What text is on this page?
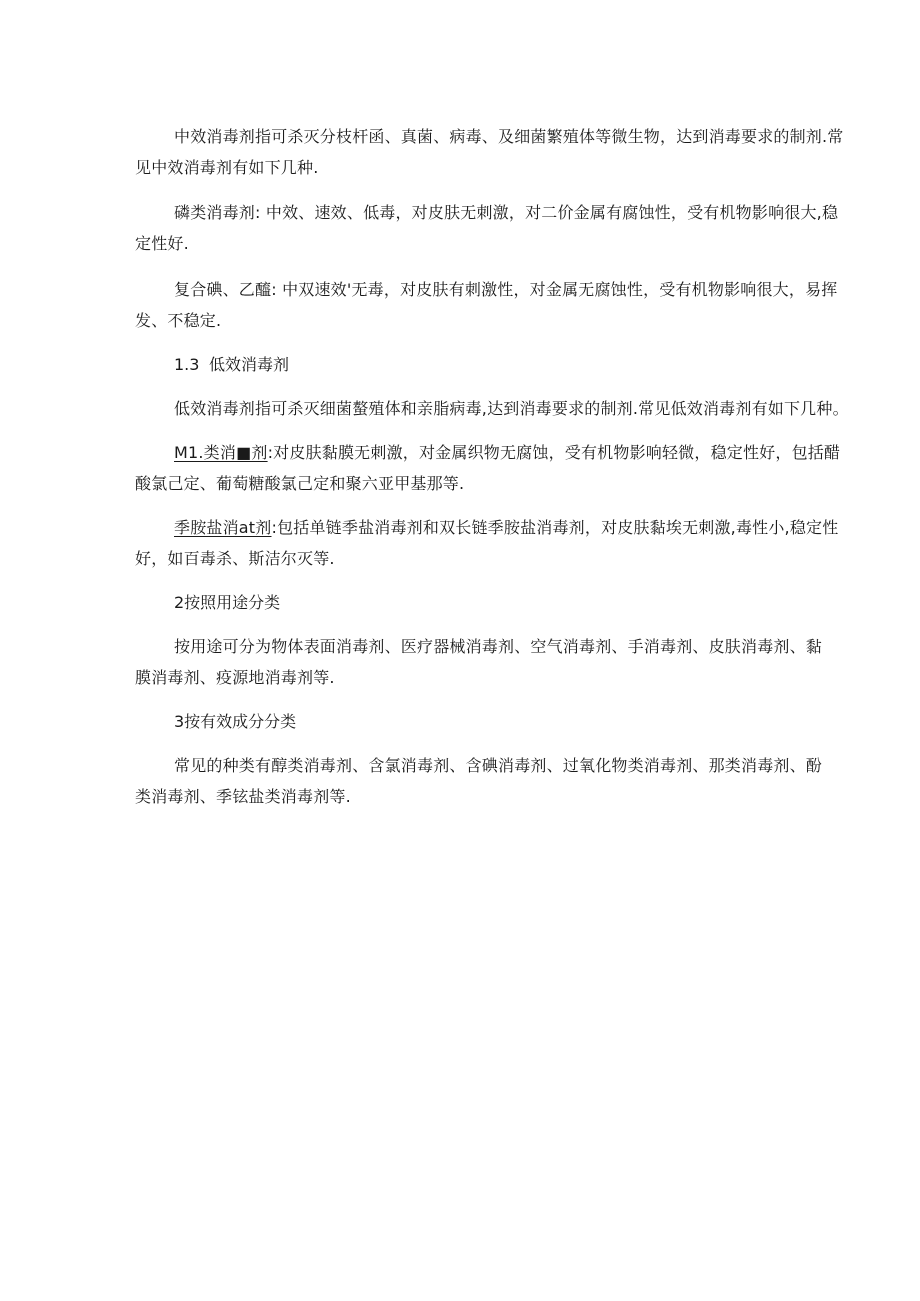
中效消毒剂指可杀灭分枝杆函、真菌、病毒、及细菌繁殖体等微生物，达到消毒要求的制剂.常
见中效消毒剂有如下几种.

磷类消毒剂: 中效、速效、低毒，对皮肤无刺激，对二价金属有腐蚀性，受有机物影响很大,稳
定性好.

复合碘、乙醯: 中双速效'无毒，对皮肤有刺激性，对金属无腐蚀性，受有机物影响很大，易挥
发、不稳定.

1.3 低效消毒剂

低效消毒剂指可杀灭细菌螯殖体和亲脂病毒,达到消毒要求的制剂.常见低效消毒剂有如下几种。

M1.类消■剂:对皮肤黏膜无刺激，对金属织物无腐蚀，受有机物影响轻微，稳定性好，包括醋
酸氯己定、葡萄糖酸氯己定和聚六亚甲基那等.

季胺盐消at剂:包括单链季盐消毒剂和双长链季胺盐消毒剂，对皮肤黏埃无刺激,毒性小,稳定性
好，如百毒杀、斯洁尔灭等.

2按照用途分类

按用途可分为物体表面消毒剂、医疗器械消毒剂、空气消毒剂、手消毒剂、皮肤消毒剂、黏
膜消毒剂、疫源地消毒剂等.

3按有效成分分类

常见的种类有醇类消毒剂、含氯消毒剂、含碘消毒剂、过氧化物类消毒剂、那类消毒剂、酚
类消毒剂、季铉盐类消毒剂等.
